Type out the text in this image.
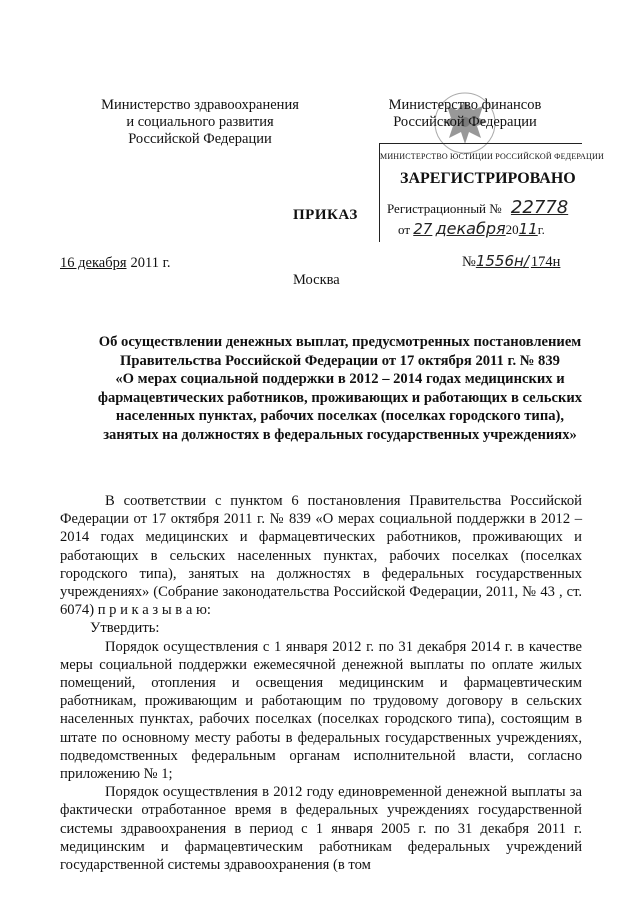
Министерство здравоохранения
и социального развития
Российской Федерации
Министерство финансов
Российской Федерации
МИНИСТЕРСТВО ЮСТИЦИИ РОССИЙСКОЙ ФЕДЕРАЦИИ
ЗАРЕГИСТРИРОВАНО
Регистрационный № 22778
от 27 декабря2011г.
ПРИКАЗ
16 декабря 2011 г.	№1556н/ 174н
Москва
Об осуществлении денежных выплат, предусмотренных постановлением
Правительства Российской Федерации от 17 октября 2011 г. № 839
«О мерах социальной поддержки в 2012 – 2014 годах медицинских и
фармацевтических работников, проживающих и работающих в сельских
населенных пунктах, рабочих поселках (поселках городского типа),
занятых на должностях в федеральных государственных учреждениях»

В соответствии с пунктом 6 постановления Правительства Российской Федерации от 17 октября 2011 г. № 839 «О мерах социальной поддержки в 2012 – 2014 годах медицинских и фармацевтических работников, проживающих и работающих в сельских населенных пунктах, рабочих поселках (поселках городского типа), занятых на должностях в федеральных государственных учреждениях» (Собрание законодательства Российской Федерации, 2011, № 43 , ст. 6074) п р и к а з ы в а ю:

Утвердить:

Порядок осуществления с 1 января 2012 г. по 31 декабря 2014 г. в качестве меры социальной поддержки ежемесячной денежной выплаты по оплате жилых помещений, отопления и освещения медицинским и фармацевтическим работникам, проживающим и работающим по трудовому договору в сельских населенных пунктах, рабочих поселках (поселках городского типа), состоящим в штате по основному месту работы в федеральных государственных учреждениях, подведомственных федеральным органам исполнительной власти, согласно приложению № 1;

Порядок осуществления в 2012 году единовременной денежной выплаты за фактически отработанное время в федеральных учреждениях государственной системы здравоохранения в период с 1 января 2005 г. по 31 декабря 2011 г. медицинским и фармацевтическим работникам федеральных учреждений государственной системы здравоохранения (в том
